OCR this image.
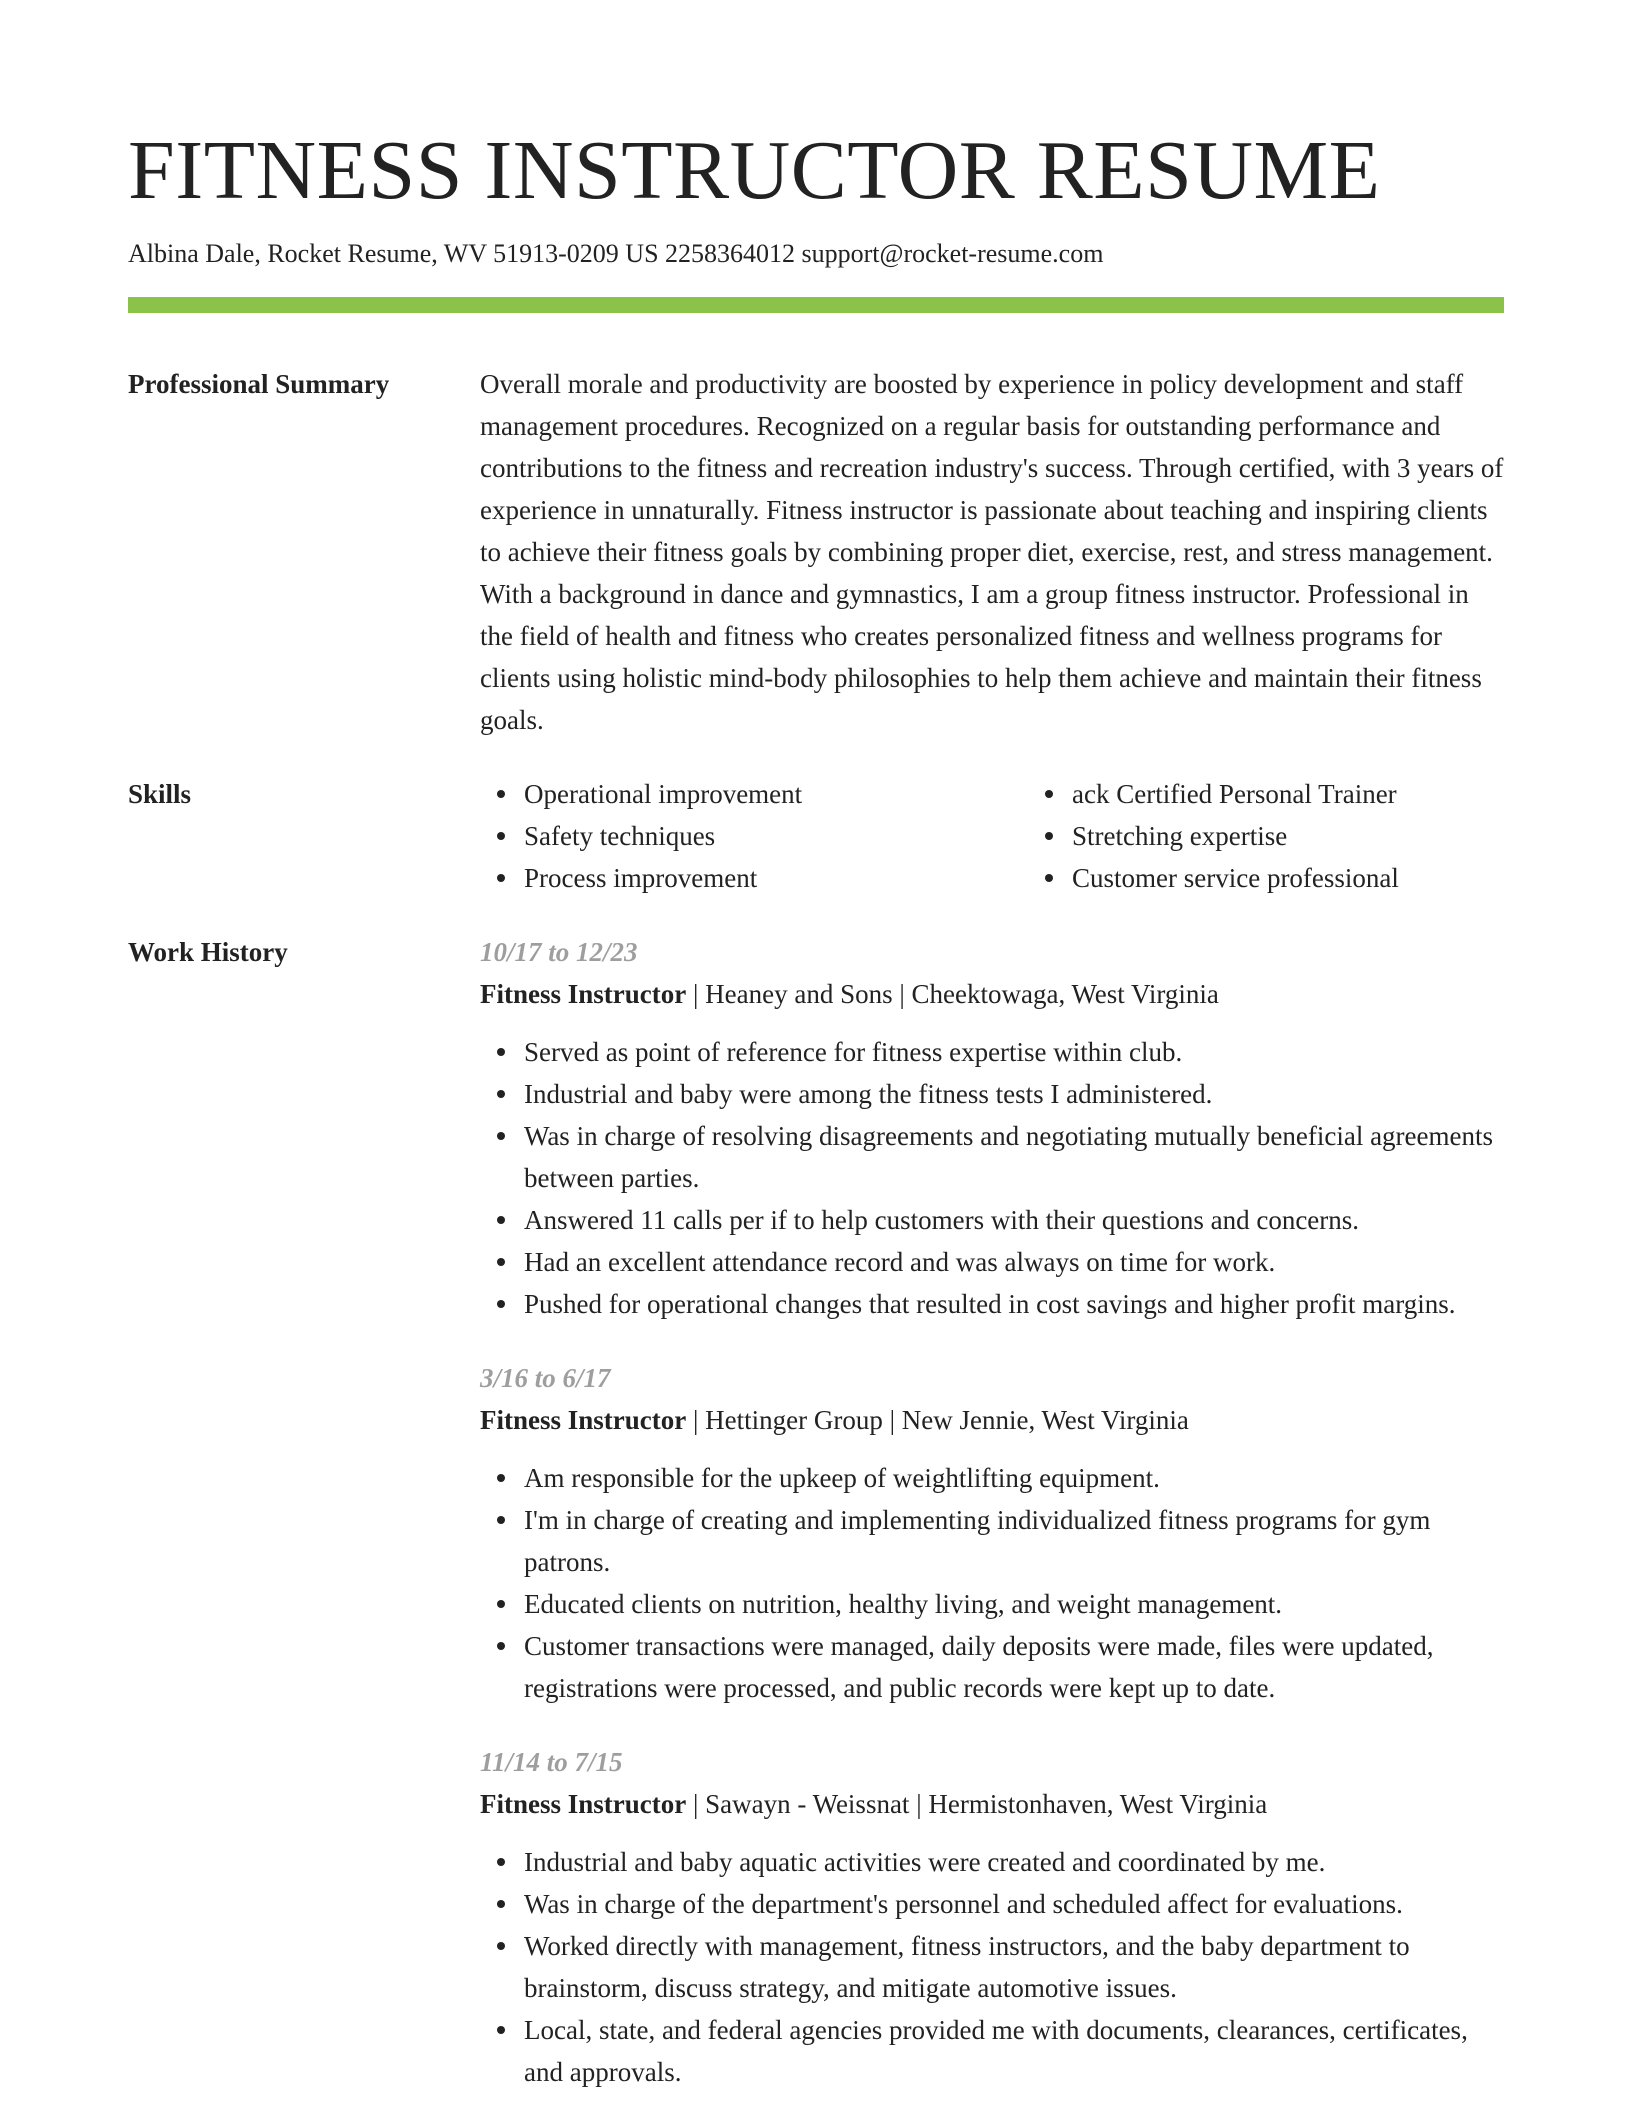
FITNESS INSTRUCTOR RESUME
Albina Dale, Rocket Resume, WV 51913-0209 US 2258364012 support@rocket-resume.com
Professional Summary	Overall morale and productivity are boosted by experience in policy development and staff management procedures. Recognized on a regular basis for outstanding performance and contributions to the fitness and recreation industry's success. Through certified, with 3 years of experience in unnaturally. Fitness instructor is passionate about teaching and inspiring clients to achieve their fitness goals by combining proper diet, exercise, rest, and stress management. With a background in dance and gymnastics, I am a group fitness instructor. Professional in the field of health and fitness who creates personalized fitness and wellness programs for clients using holistic mind-body philosophies to help them achieve and maintain their fitness goals.
Skills	Operational improvement
Safety techniques
Process improvement
ack Certified Personal Trainer
Stretching expertise
Customer service professional
Work History	10/17 to 12/23
Fitness Instructor | Heaney and Sons | Cheektowaga, West Virginia
Served as point of reference for fitness expertise within club.
Industrial and baby were among the fitness tests I administered.
Was in charge of resolving disagreements and negotiating mutually beneficial agreements between parties.
Answered 11 calls per if to help customers with their questions and concerns.
Had an excellent attendance record and was always on time for work.
Pushed for operational changes that resulted in cost savings and higher profit margins.
3/16 to 6/17
Fitness Instructor | Hettinger Group | New Jennie, West Virginia
Am responsible for the upkeep of weightlifting equipment.
I'm in charge of creating and implementing individualized fitness programs for gym patrons.
Educated clients on nutrition, healthy living, and weight management.
Customer transactions were managed, daily deposits were made, files were updated, registrations were processed, and public records were kept up to date.
11/14 to 7/15
Fitness Instructor | Sawayn - Weissnat | Hermistonhaven, West Virginia
Industrial and baby aquatic activities were created and coordinated by me.
Was in charge of the department's personnel and scheduled affect for evaluations.
Worked directly with management, fitness instructors, and the baby department to brainstorm, discuss strategy, and mitigate automotive issues.
Local, state, and federal agencies provided me with documents, clearances, certificates, and approvals.
